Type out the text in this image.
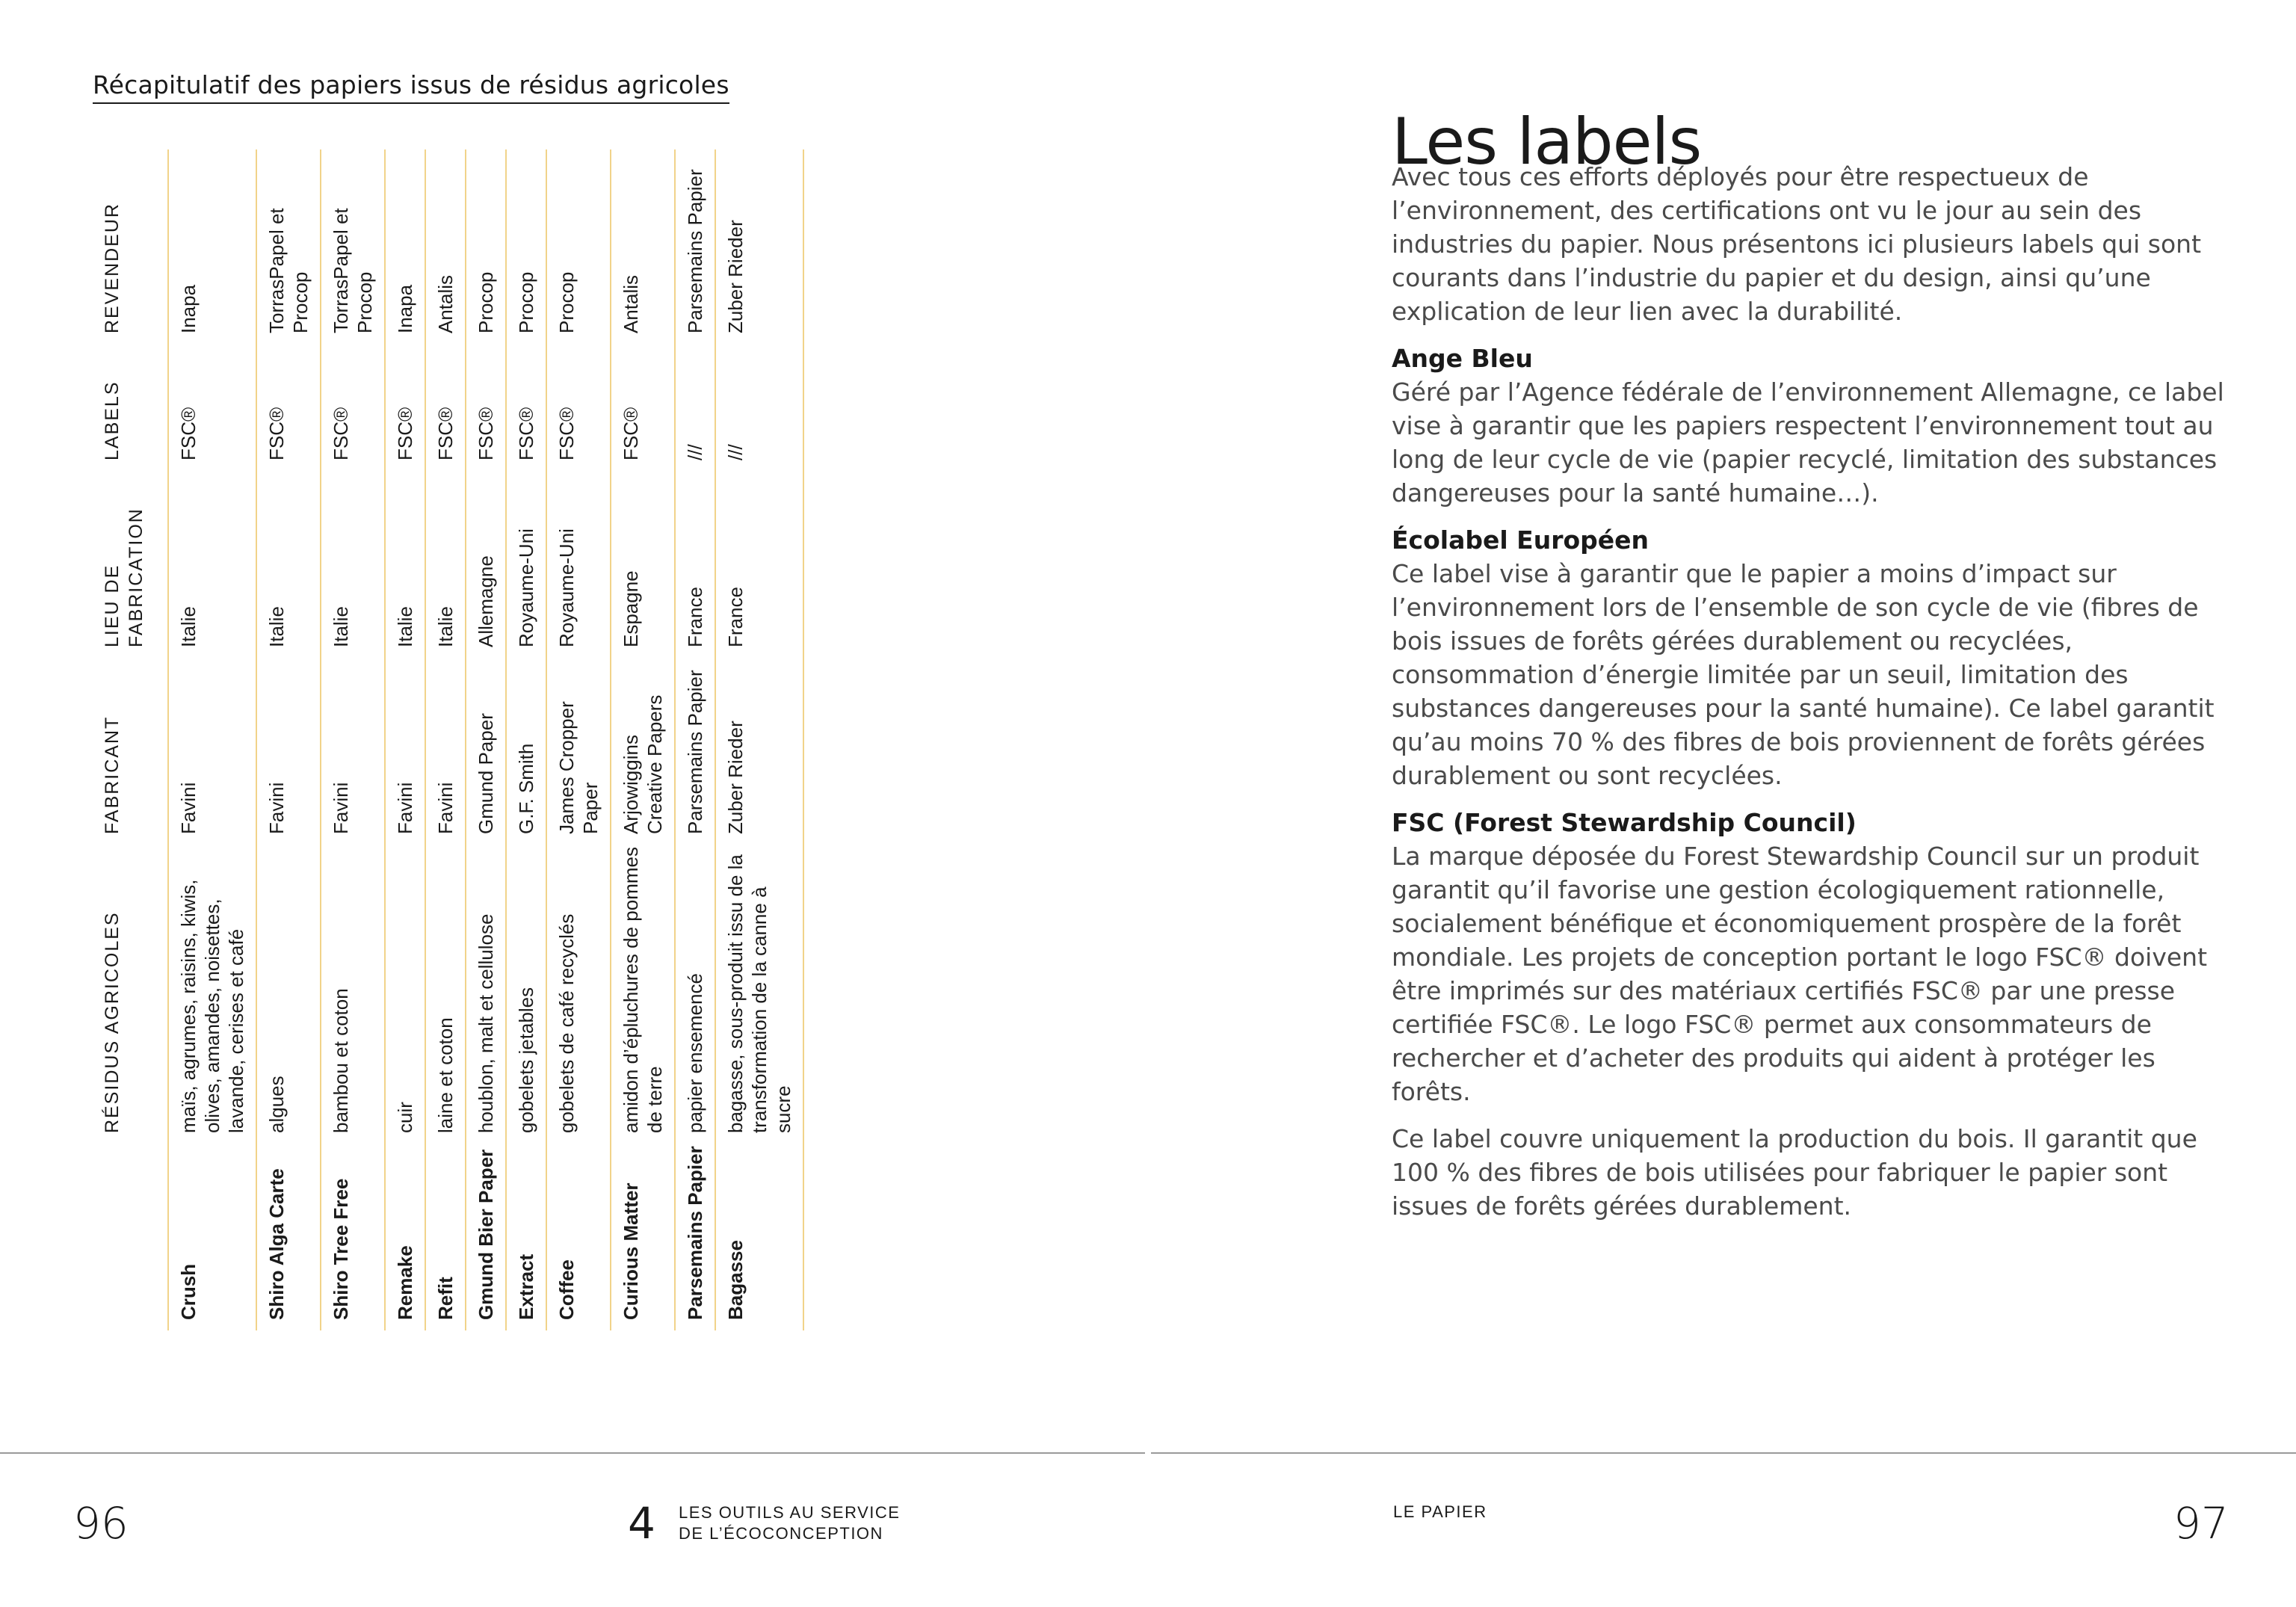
Récapitulatif des papiers issus de résidus agricoles
	RÉSIDUS AGRICOLES	FABRICANT	LIEU DE FABRICATION	LABELS	REVENDEUR
Crush	maïs, agrumes, raisins, kiwis, olives, amandes, noisettes, lavande, cerises et café	Favini	Italie	FSC®	Inapa
Shiro Alga Carte	algues	Favini	Italie	FSC®	TorrasPapel et Procop
Shiro Tree Free	bambou et coton	Favini	Italie	FSC®	TorrasPapel et Procop
Remake	cuir	Favini	Italie	FSC®	Inapa
Refit	laine et coton	Favini	Italie	FSC®	Antalis
Gmund Bier Paper	houblon, malt et cellulose	Gmund Paper	Allemagne	FSC®	Procop
Extract	gobelets jetables	G.F. Smith	Royaume-Uni	FSC®	Procop
Coffee	gobelets de café recyclés	James Cropper Paper	Royaume-Uni	FSC®	Procop
Curious Matter	amidon d’épluchures de pommes de terre	Arjowiggins Creative Papers	Espagne	FSC®	Antalis
Parsemains Papier	papier ensemencé	Parsemains Papier	France	///	Parsemains Papier
Bagasse	bagasse, sous-produit issu de la transformation de la canne à sucre	Zuber Rieder	France	///	Zuber Rieder
96	4 LES OUTILS AU SERVICE
DE L’ÉCOCONCEPTION
Les labels

Avec tous ces efforts déployés pour être respectueux de l’environnement, des certifications ont vu le jour au sein des industries du papier. Nous présentons ici plusieurs labels qui sont courants dans l’industrie du papier et du design, ainsi qu’une explication de leur lien avec la durabilité.

Ange Bleu

Géré par l’Agence fédérale de l’environnement Allemagne, ce label vise à garantir que les papiers respectent l’environnement tout au long de leur cycle de vie (papier recyclé, limitation des substances dangereuses pour la santé humaine…).

Écolabel Européen

Ce label vise à garantir que le papier a moins d’impact sur l’environnement lors de l’ensemble de son cycle de vie (fibres de bois issues de forêts gérées durablement ou recyclées, consommation d’énergie limitée par un seuil, limitation des substances dangereuses pour la santé humaine). Ce label garantit qu’au moins 70 % des fibres de bois proviennent de forêts gérées durablement ou sont recyclées.

FSC (Forest Stewardship Council)

La marque déposée du Forest Stewardship Council sur un produit garantit qu’il favorise une gestion écologiquement rationnelle, socialement bénéfique et économiquement prospère de la forêt mondiale. Les projets de conception portant le logo FSC® doivent être imprimés sur des matériaux certifiés FSC® par une presse certifiée FSC®. Le logo FSC® permet aux consommateurs de rechercher et d’acheter des produits qui aident à protéger les forêts.

Ce label couvre uniquement la production du bois. Il garantit que 100 % des fibres de bois utilisées pour fabriquer le papier sont issues de forêts gérées durablement.

LE PAPIER	97
